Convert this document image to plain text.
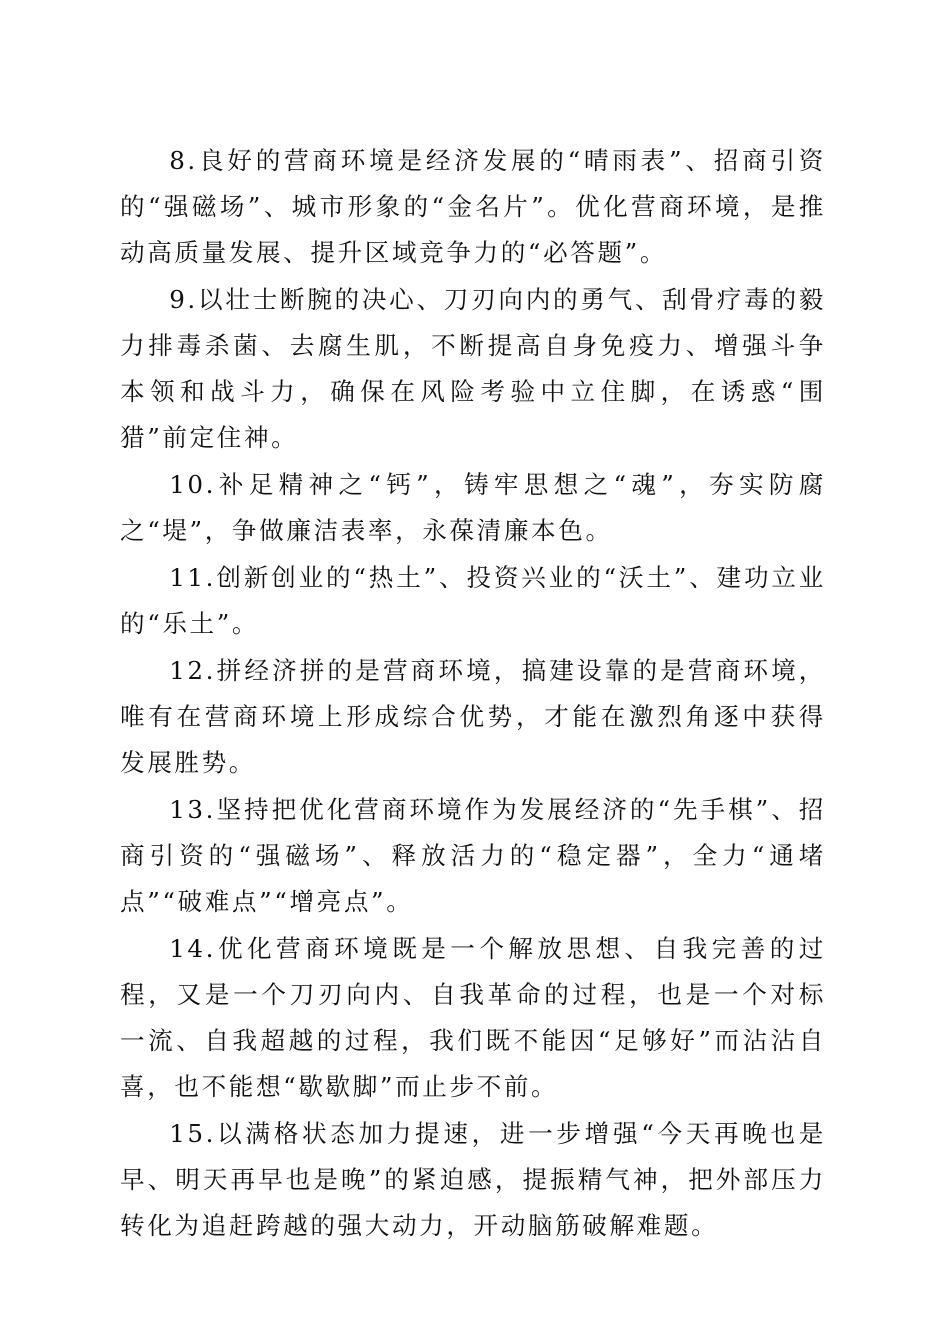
8.良好的营商环境是经济发展的“晴雨表”、招商引资的“强磁场”、城市形象的“金名片”。优化营商环境，是推动高质量发展、提升区域竞争力的“必答题”。

9.以壮士断腕的决心、刀刃向内的勇气、刮骨疗毒的毅力排毒杀菌、去腐生肌，不断提高自身免疫力、增强斗争本领和战斗力，确保在风险考验中立住脚，在诱惑“围猎”前定住神。

10.补足精神之“钙”，铸牢思想之“魂”，夯实防腐之“堤”，争做廉洁表率，永葆清廉本色。

11.创新创业的“热土”、投资兴业的“沃土”、建功立业的“乐土”。

12.拼经济拼的是营商环境，搞建设靠的是营商环境，唯有在营商环境上形成综合优势，才能在激烈角逐中获得发展胜势。

13.坚持把优化营商环境作为发展经济的“先手棋”、招商引资的“强磁场”、释放活力的“稳定器”，全力“通堵点”“破难点”“增亮点”。

14.优化营商环境既是一个解放思想、自我完善的过程，又是一个刀刃向内、自我革命的过程，也是一个对标一流、自我超越的过程，我们既不能因“足够好”而沾沾自喜，也不能想“歇歇脚”而止步不前。

15.以满格状态加力提速，进一步增强“今天再晚也是早、明天再早也是晚”的紧迫感，提振精气神，把外部压力转化为追赶跨越的强大动力，开动脑筋破解难题。
